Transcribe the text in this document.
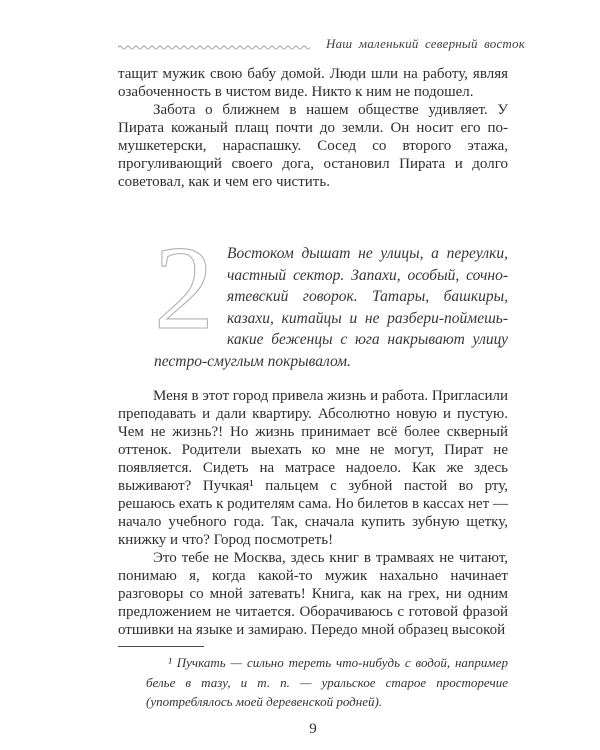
Наш маленький северный восток

тащит мужик свою бабу домой. Люди шли на работу, являя озабоченность в чистом виде. Никто к ним не подошел.

Забота о ближнем в нашем обществе удивляет. У Пирата кожаный плащ почти до земли. Он носит его по-мушкетерски, нараспашку. Сосед со второго этажа, прогуливающий своего дога, остановил Пирата и долго советовал, как и чем его чистить.

2 Востоком дышат не улицы, а переулки, частный сектор. Запахи, особый, сочно-ятевский говорок. Татары, башкиры, казахи, китайцы и не разбери-поймешь-какие беженцы с юга накрывают улицу пестро-смуглым покрывалом.

Меня в этот город привела жизнь и работа. Пригласили преподавать и дали квартиру. Абсолютно новую и пустую. Чем не жизнь?! Но жизнь принимает всё более скверный оттенок. Родители выехать ко мне не могут, Пират не появляется. Сидеть на матрасе надоело. Как же здесь выживают? Пучкая¹ пальцем с зубной пастой во рту, решаюсь ехать к родителям сама. Но билетов в кассах нет — начало учебного года. Так, сначала купить зубную щетку, книжку и что? Город посмотреть!

Это тебе не Москва, здесь книг в трамваях не читают, понимаю я, когда какой-то мужик нахально начинает разговоры со мной затевать! Книга, как на грех, ни одним предложением не читается. Оборачиваюсь с готовой фразой отшивки на языке и замираю. Передо мной образец высокой

¹ Пучкать — сильно тереть что-нибудь с водой, например белье в тазу, и т. п. — уральское старое просторечие (употреблялось моей деревенской родней).

9
